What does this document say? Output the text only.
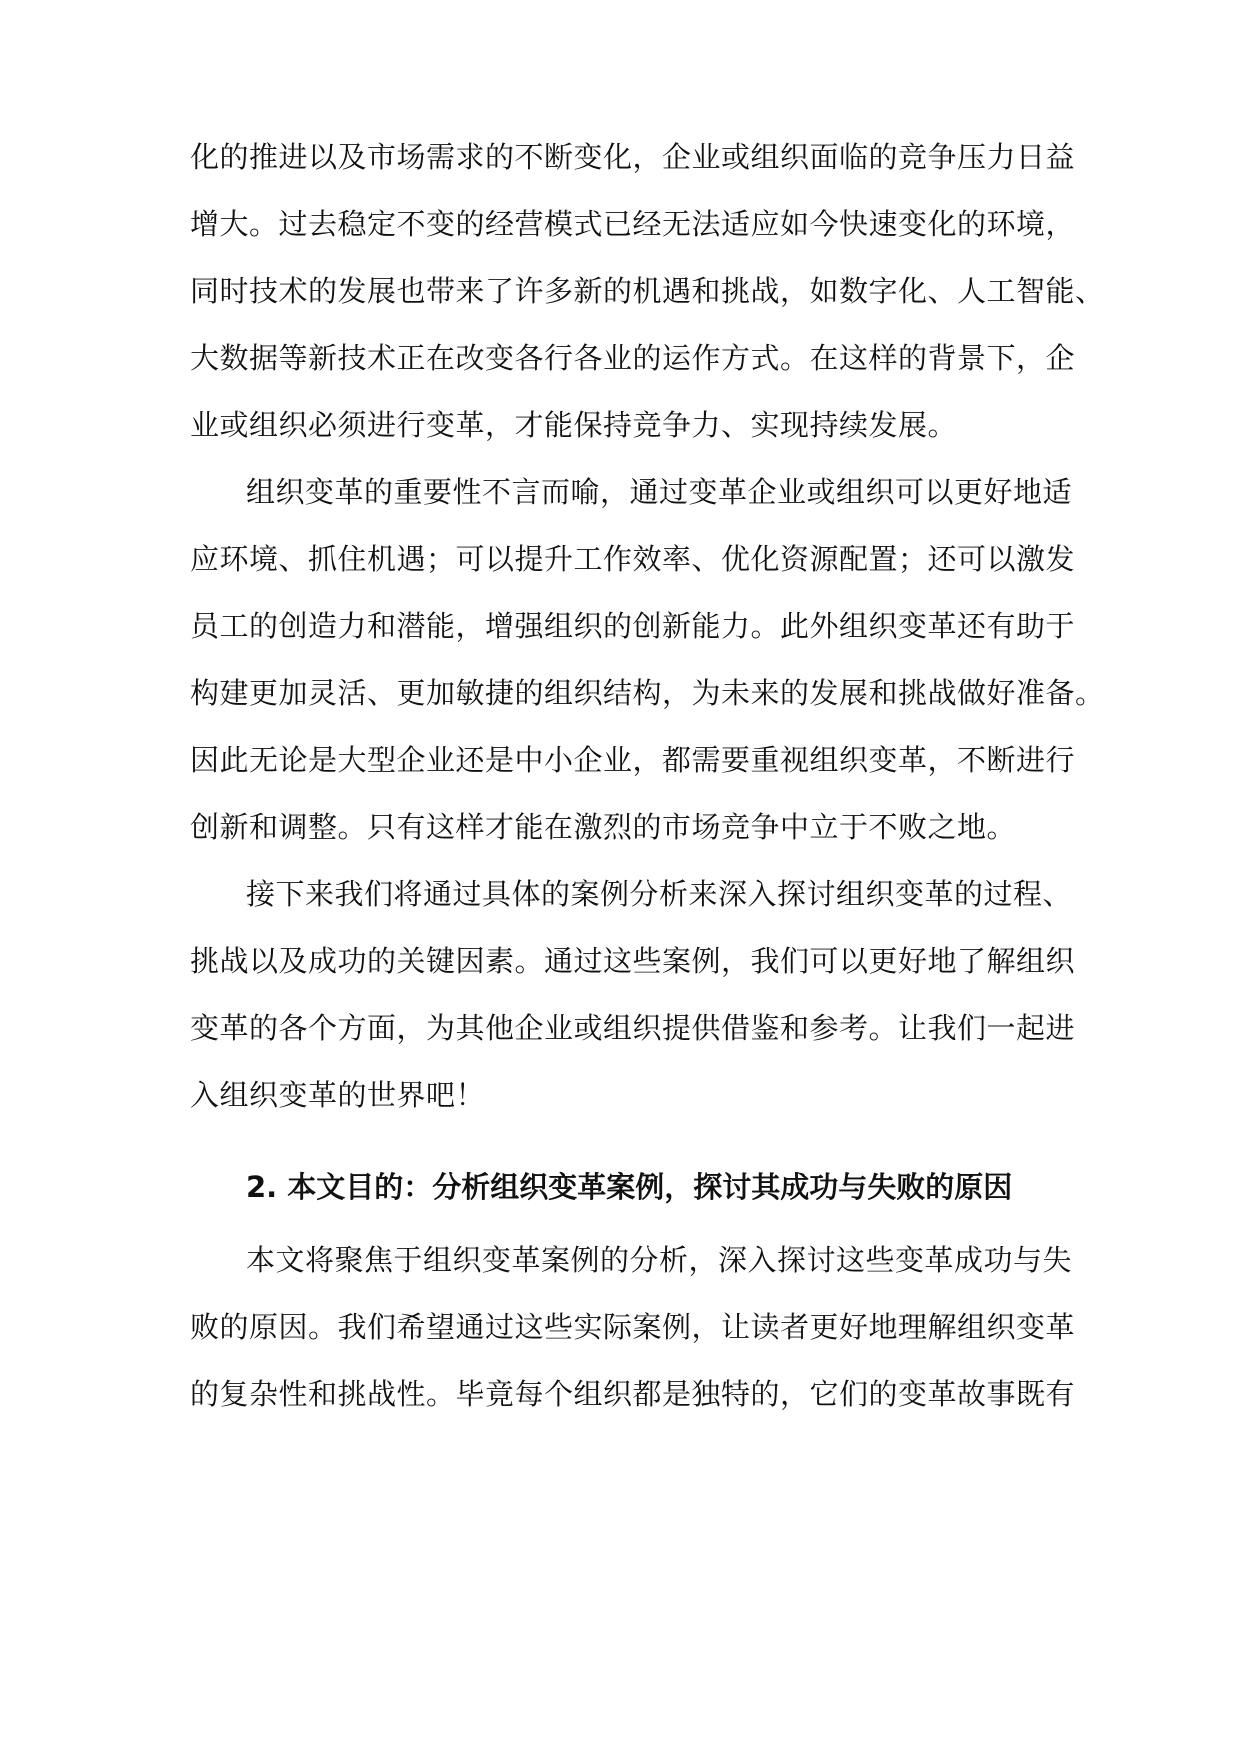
化的推进以及市场需求的不断变化，企业或组织面临的竞争压力日益
增大。过去稳定不变的经营模式已经无法适应如今快速变化的环境，
同时技术的发展也带来了许多新的机遇和挑战，如数字化、人工智能、
大数据等新技术正在改变各行各业的运作方式。在这样的背景下，企
业或组织必须进行变革，才能保持竞争力、实现持续发展。
组织变革的重要性不言而喻，通过变革企业或组织可以更好地适
应环境、抓住机遇；可以提升工作效率、优化资源配置；还可以激发
员工的创造力和潜能，增强组织的创新能力。此外组织变革还有助于
构建更加灵活、更加敏捷的组织结构，为未来的发展和挑战做好准备。
因此无论是大型企业还是中小企业，都需要重视组织变革，不断进行
创新和调整。只有这样才能在激烈的市场竞争中立于不败之地。
接下来我们将通过具体的案例分析来深入探讨组织变革的过程、
挑战以及成功的关键因素。通过这些案例，我们可以更好地了解组织
变革的各个方面，为其他企业或组织提供借鉴和参考。让我们一起进
入组织变革的世界吧！
2. 本文目的：分析组织变革案例，探讨其成功与失败的原因
本文将聚焦于组织变革案例的分析，深入探讨这些变革成功与失
败的原因。我们希望通过这些实际案例，让读者更好地理解组织变革
的复杂性和挑战性。毕竟每个组织都是独特的，它们的变革故事既有
